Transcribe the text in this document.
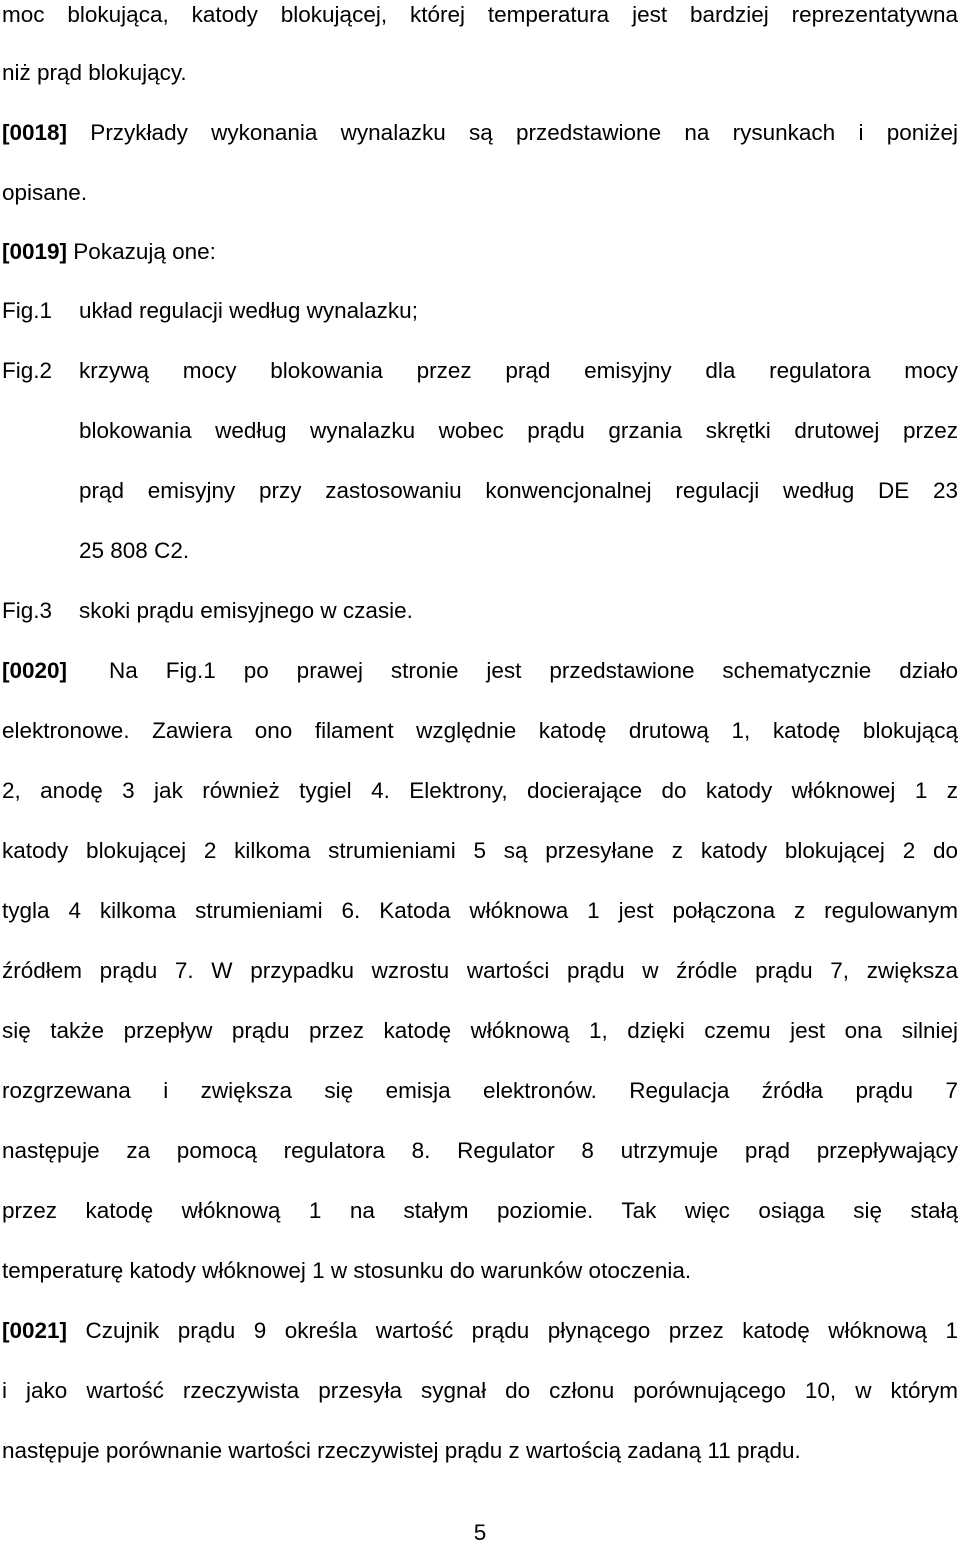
moc blokująca, katody blokującej, której temperatura jest bardziej reprezentatywna
niż prąd blokujący.
[0018] Przykłady wykonania wynalazku są przedstawione na rysunkach i poniżej
opisane.
[0019] Pokazują one:
Fig.1 układ regulacji według wynalazku;
Fig.2 krzywą mocy blokowania przez prąd emisyjny dla regulatora mocy
blokowania według wynalazku wobec prądu grzania skrętki drutowej przez
prąd emisyjny przy zastosowaniu konwencjonalnej regulacji według DE 23
25 808 C2.
Fig.3 skoki prądu emisyjnego w czasie.
[0020] Na Fig.1 po prawej stronie jest przedstawione schematycznie działo
elektronowe. Zawiera ono filament względnie katodę drutową 1, katodę blokującą
2, anodę 3 jak również tygiel 4. Elektrony, docierające do katody włóknowej 1 z
katody blokującej 2 kilkoma strumieniami 5 są przesyłane z katody blokującej 2 do
tygla 4 kilkoma strumieniami 6. Katoda włóknowa 1 jest połączona z regulowanym
źródłem prądu 7. W przypadku wzrostu wartości prądu w źródle prądu 7, zwiększa
się także przepływ prądu przez katodę włóknową 1, dzięki czemu jest ona silniej
rozgrzewana i zwiększa się emisja elektronów. Regulacja źródła prądu 7
następuje za pomocą regulatora 8. Regulator 8 utrzymuje prąd przepływający
przez katodę włóknową 1 na stałym poziomie. Tak więc osiąga się stałą
temperaturę katody włóknowej 1 w stosunku do warunków otoczenia.
[0021] Czujnik prądu 9 określa wartość prądu płynącego przez katodę włóknową 1
i jako wartość rzeczywista przesyła sygnał do członu porównującego 10, w którym
następuje porównanie wartości rzeczywistej prądu z wartością zadaną 11 prądu.
5
